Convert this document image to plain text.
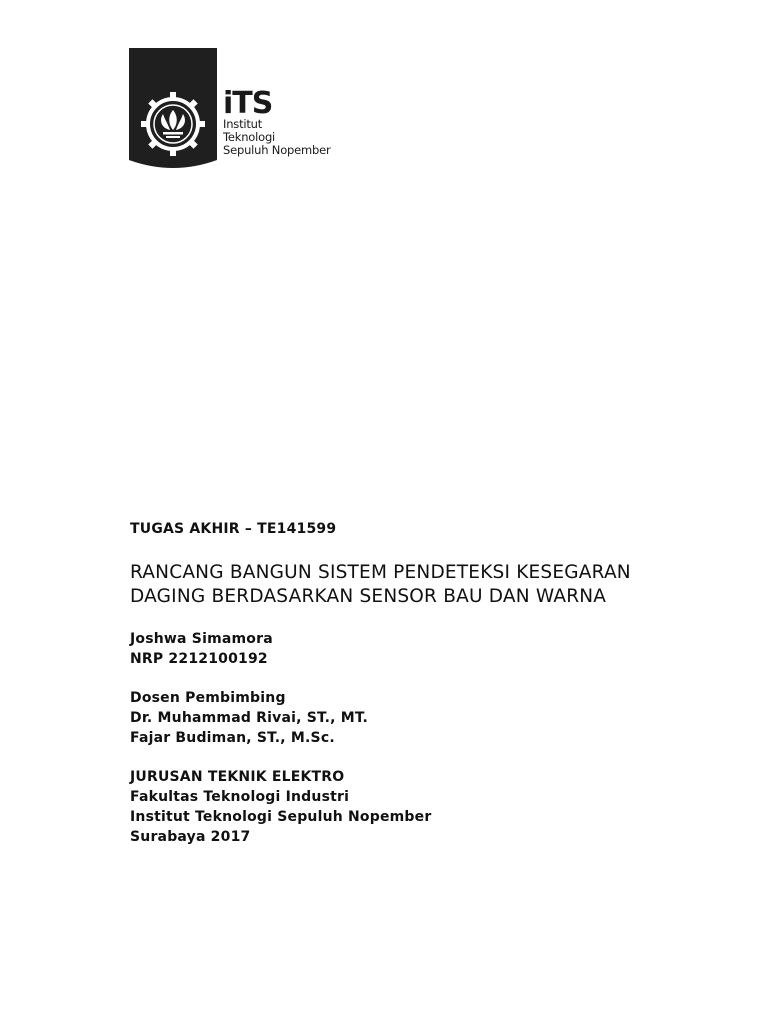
iTS
Institut
Teknologi
Sepuluh Nopember
TUGAS AKHIR – TE141599
RANCANG BANGUN SISTEM PENDETEKSI KESEGARAN
DAGING BERDASARKAN SENSOR BAU DAN WARNA
Joshwa Simamora
NRP 2212100192
Dosen Pembimbing
Dr. Muhammad Rivai, ST., MT.
Fajar Budiman, ST., M.Sc.
JURUSAN TEKNIK ELEKTRO
Fakultas Teknologi Industri
Institut Teknologi Sepuluh Nopember
Surabaya 2017
